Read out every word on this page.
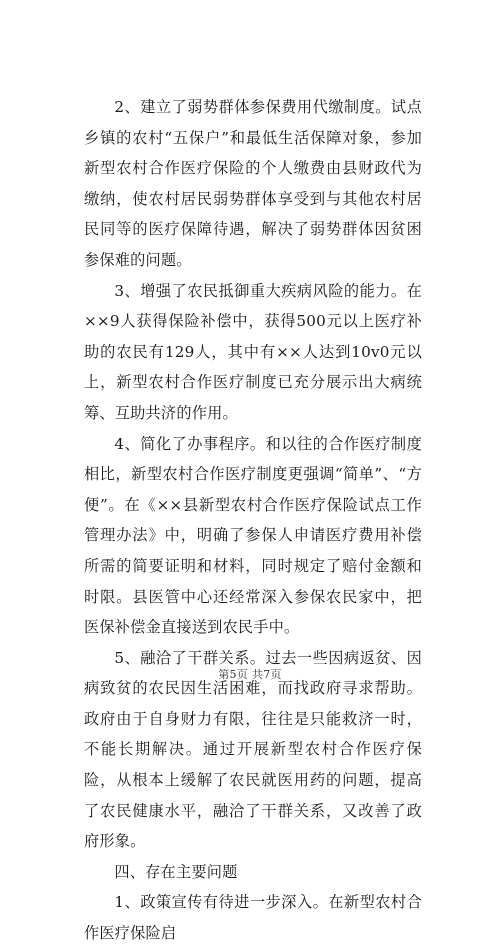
2、建立了弱势群体参保费用代缴制度。试点乡镇的农村“五保户”和最低生活保障对象，参加新型农村合作医疗保险的个人缴费由县财政代为缴纳，使农村居民弱势群体享受到与其他农村居民同等的医疗保障待遇，解决了弱势群体因贫困参保难的问题。

3、增强了农民抵御重大疾病风险的能力。在××9人获得保险补偿中，获得500元以上医疗补助的农民有129人，其中有××人达到10v0元以上，新型农村合作医疗制度已充分展示出大病统筹、互助共济的作用。

4、简化了办事程序。和以往的合作医疗制度相比，新型农村合作医疗制度更强调“简单”、“方便”。在《××县新型农村合作医疗保险试点工作管理办法》中，明确了参保人申请医疗费用补偿所需的简要证明和材料，同时规定了赔付金额和时限。县医管中心还经常深入参保农民家中，把医保补偿金直接送到农民手中。

5、融洽了干群关系。过去一些因病返贫、因病致贫的农民因生活困难，而找政府寻求帮助。政府由于自身财力有限，往往是只能救济一时，不能长期解决。通过开展新型农村合作医疗保险，从根本上缓解了农民就医用药的问题，提高了农民健康水平，融洽了干群关系，又改善了政府形象。

四、存在主要问题

1、政策宣传有待进一步深入。在新型农村合作医疗保险启

第5页 共7页
